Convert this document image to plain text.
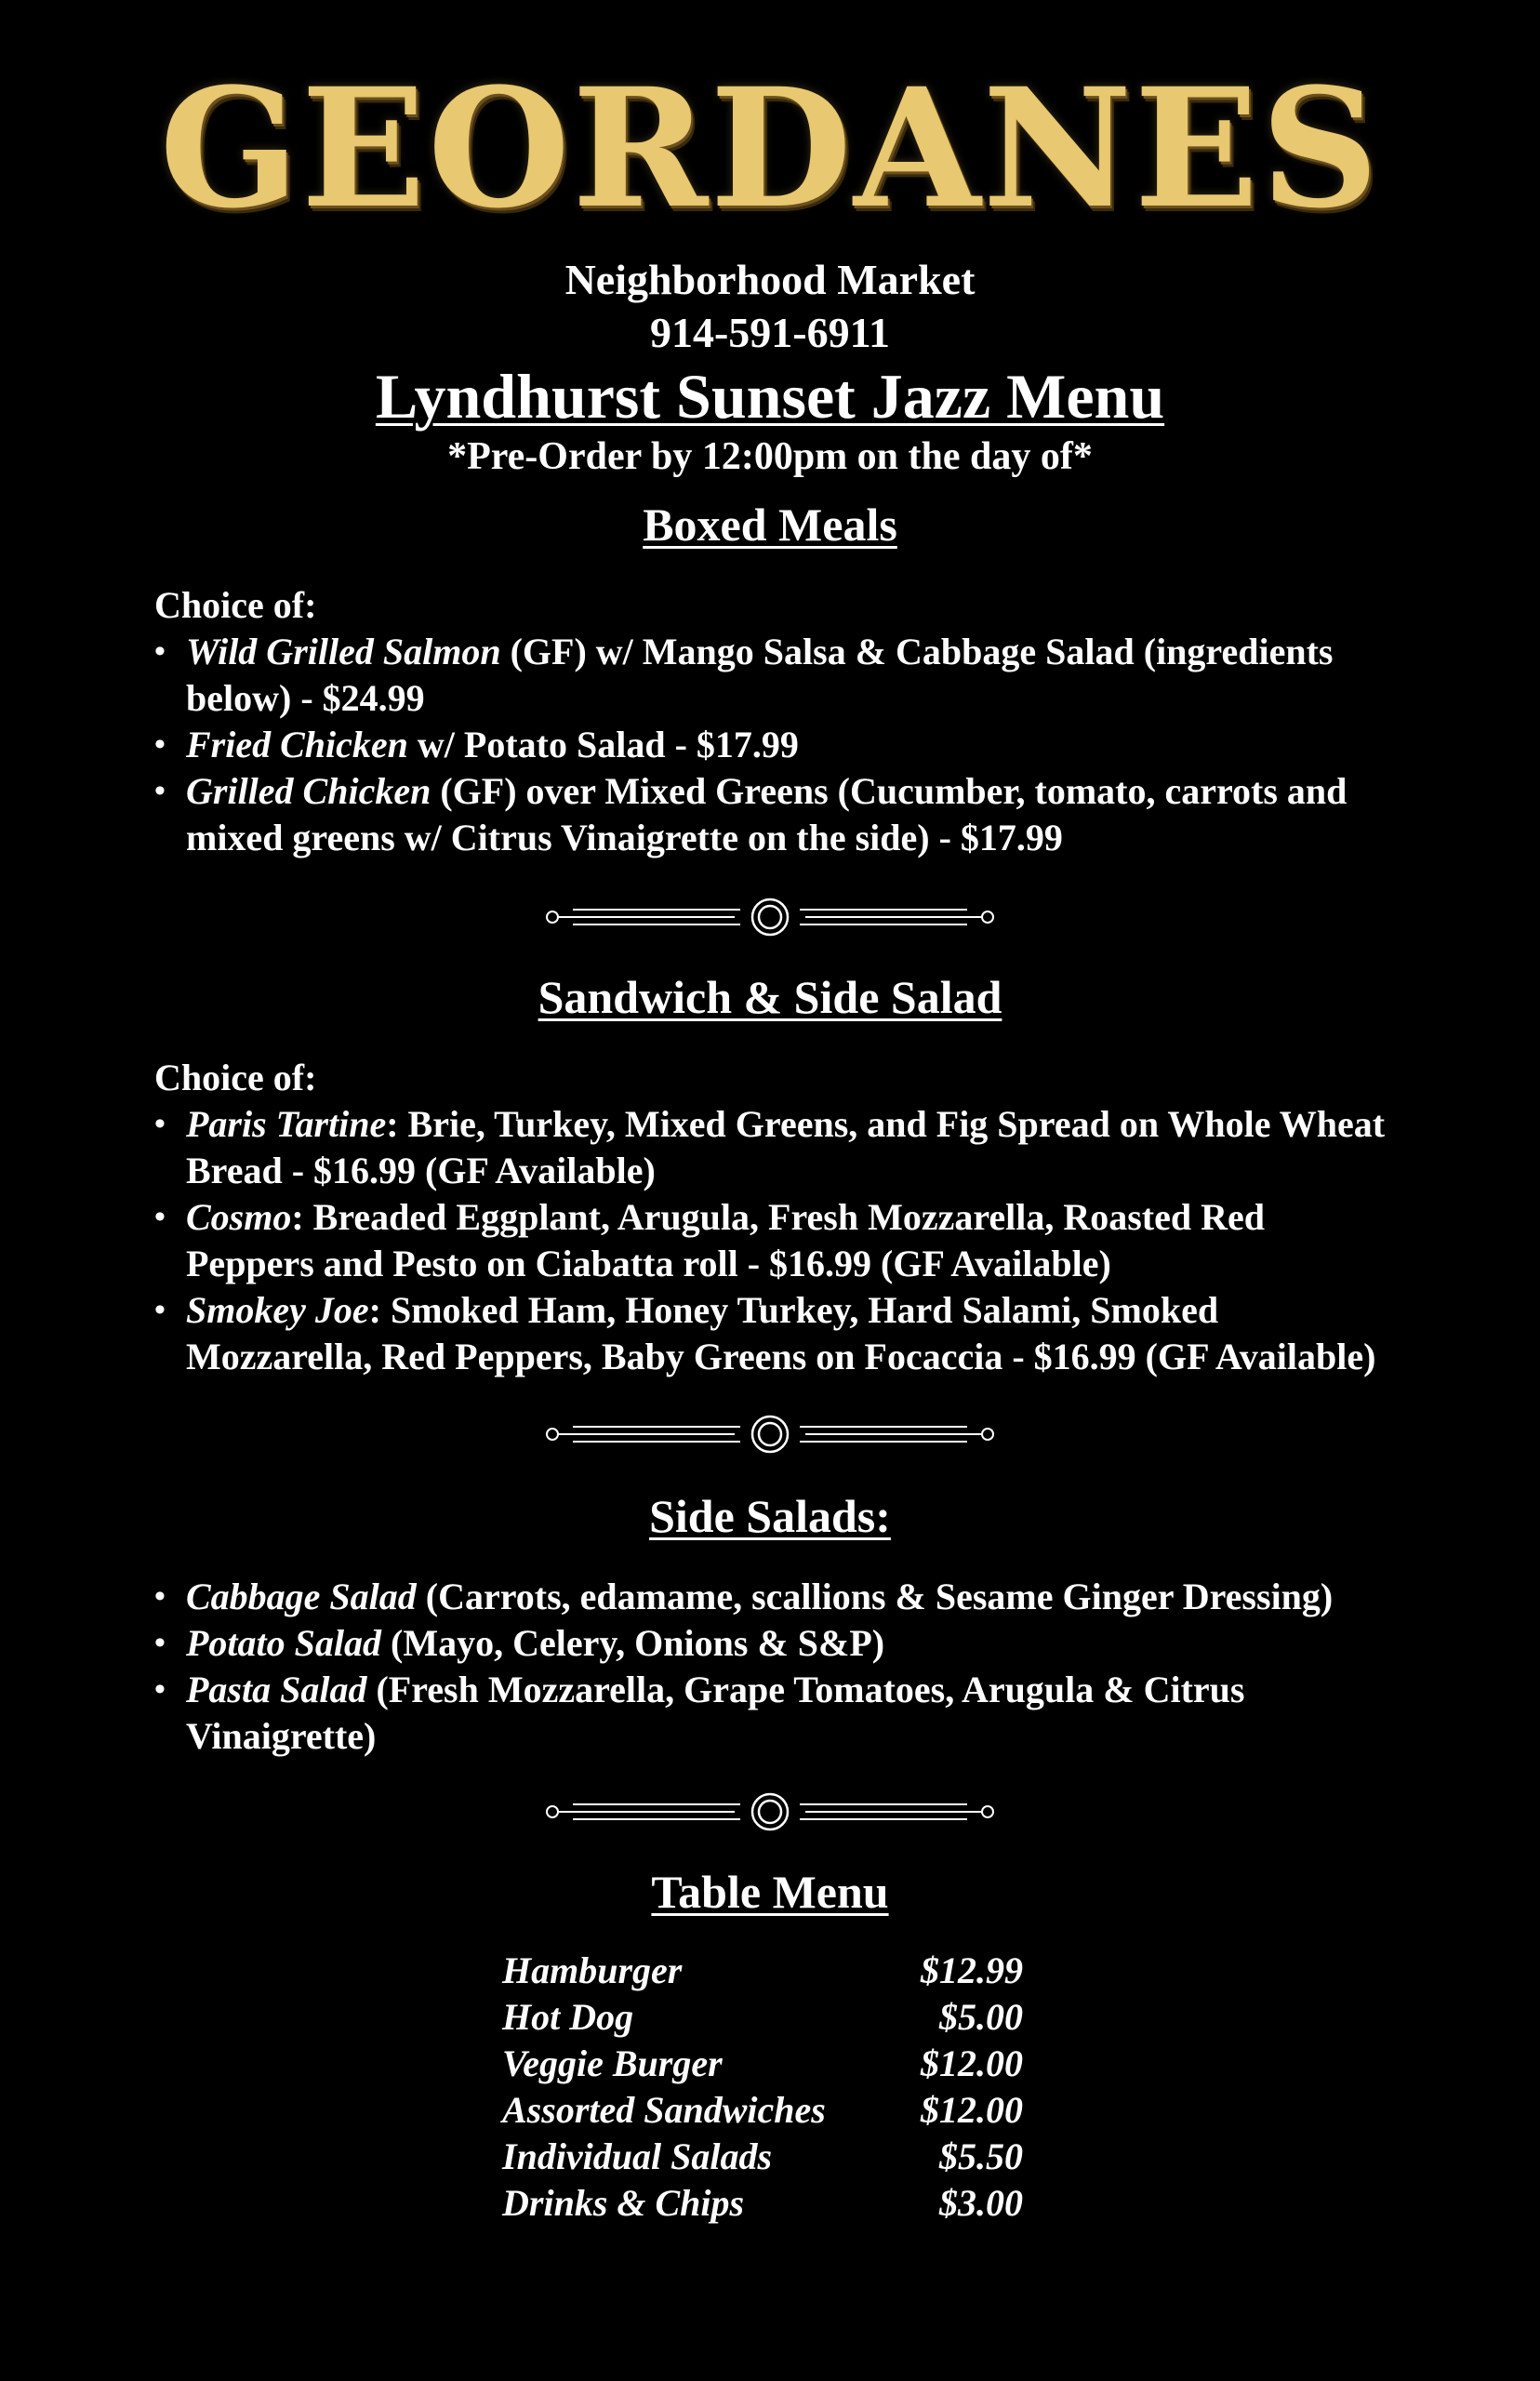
GEORDANES
Neighborhood Market
914-591-6911
Lyndhurst Sunset Jazz Menu
*Pre-Order by 12:00pm on the day of*
Boxed Meals
Choice of:
• Wild Grilled Salmon (GF) w/ Mango Salsa & Cabbage Salad (ingredients below) - $24.99
• Fried Chicken w/ Potato Salad - $17.99
• Grilled Chicken (GF) over Mixed Greens (Cucumber, tomato, carrots and mixed greens w/ Citrus Vinaigrette on the side) - $17.99
Sandwich & Side Salad
Choice of:
• Paris Tartine: Brie, Turkey, Mixed Greens, and Fig Spread on Whole Wheat Bread - $16.99 (GF Available)
• Cosmo: Breaded Eggplant, Arugula, Fresh Mozzarella, Roasted Red Peppers and Pesto on Ciabatta roll - $16.99 (GF Available)
• Smokey Joe: Smoked Ham, Honey Turkey, Hard Salami, Smoked Mozzarella, Red Peppers, Baby Greens on Focaccia - $16.99 (GF Available)
Side Salads:
• Cabbage Salad (Carrots, edamame, scallions & Sesame Ginger Dressing)
• Potato Salad (Mayo, Celery, Onions & S&P)
• Pasta Salad (Fresh Mozzarella, Grape Tomatoes, Arugula & Citrus Vinaigrette)
Table Menu
Hamburger	$12.99
Hot Dog	$5.00
Veggie Burger	$12.00
Assorted Sandwiches	$12.00
Individual Salads	$5.50
Drinks & Chips	$3.00
